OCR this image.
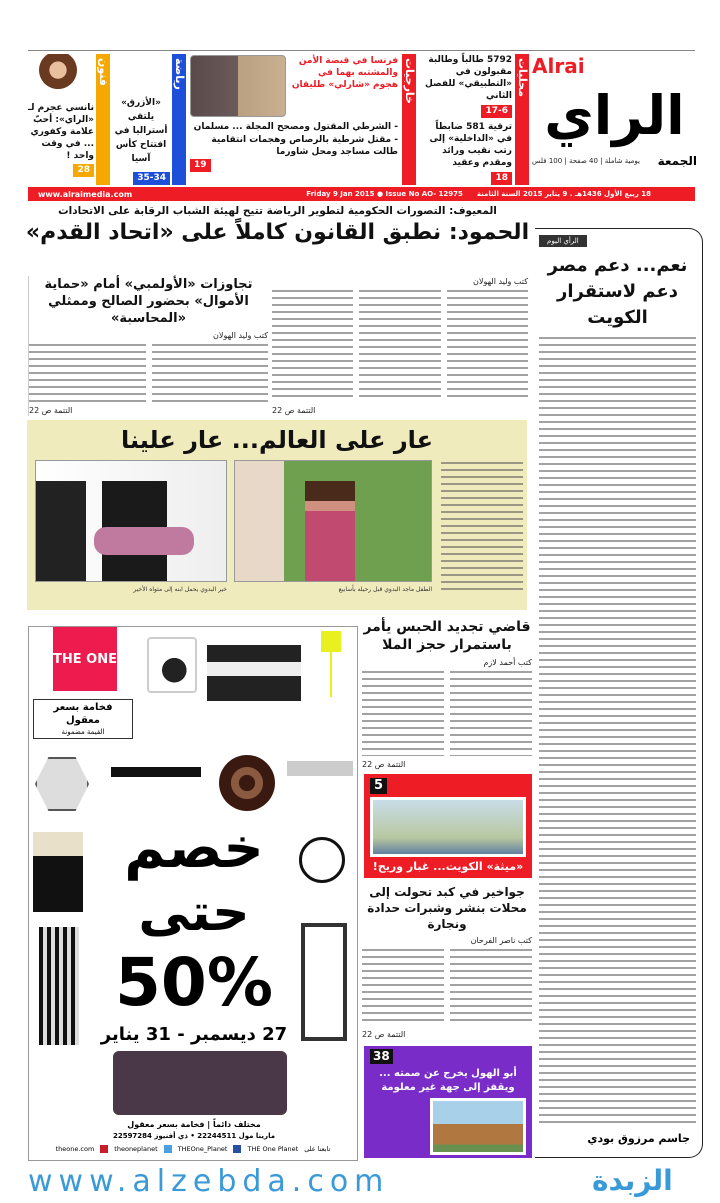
Alrai
الراي
الجمعة
يومية شاملة | 40 صفحة | 100 فلس
محليات
5792 طالباً وطالبة مقبولون في «التطبيقي» للفصل الثاني
17-6
ترقية 581 ضابطاً في «الداخلية» إلى رتب نقيب ورائد ومقدم وعقيد
18
خارجيات
فرنسا في قبضة الأمن والمشتبه بهما في هجوم «شارلي» طليقان
- الشرطي المقتول ومصحح المجلة ... مسلمان
- مقتل شرطية بالرصاص وهجمات انتقامية طالت مساجد ومحل شاورما
19
رياضة
«الأزرق» يلتقي أستراليا في افتتاح كأس آسيا
35-34
فنون
نانسي عجرم لـ «الراي»: أحبّ علامة وكفوري ... في وقت واحد !
28
18 ربيع الأول 1436هـ . 9 يناير 2015 السنة الثامنة
Friday 9 Jan 2015 ● Issue No AO- 12975
www.alraimedia.com
المعيوف: التصورات الحكومية لتطوير الرياضة تتيح لهيئة الشباب الرقابة على الاتحادات
الحمود: نطبق القانون كاملاً على «اتحاد القدم»
كتب وليد الهولان
التتمة ص 22
تجاوزات «الأولمبي» أمام «حماية الأموال» بحضور الصالح وممثلي «المحاسبة»
كتب وليد الهولان
التتمة ص 22
عار على العالم... عار علينا
الطفل ماجد البدوي قبل رحيله بأسابيع
خير البدوي يحمل ابنه إلى مثواه الأخير
الرأي اليوم
نعم... دعم مصر دعم لاستقرار الكويت
جاسم مرزوق بودي
قاضي تجديد الحبس يأمر باستمرار حجز الملا
كتب أحمد لازم
التتمة ص 22
5
«ميثة» الكويت... غبار وريح!
جواخير في كبد تحولت إلى محلات بنشر وشبرات حدادة ونجارة
كتب ناصر الفرحان
التتمة ص 22
38
أبو الهول يخرج عن صمته ... ويقفز إلى جهة غير معلومة
THE ONE
فخامة بسعر معقول
القيمة مضمونة
خصم
حتى
50%
27 ديسمبر - 31 يناير
مختلف دائماً | فخامة بسعر معقول
مارينا مول 22244511 • ذي أفنيوز 22597284
theone.com	theoneplanet	THEOne_Planet	THE One Planet تابعنا على
www.alzebda.com	الزبدة
